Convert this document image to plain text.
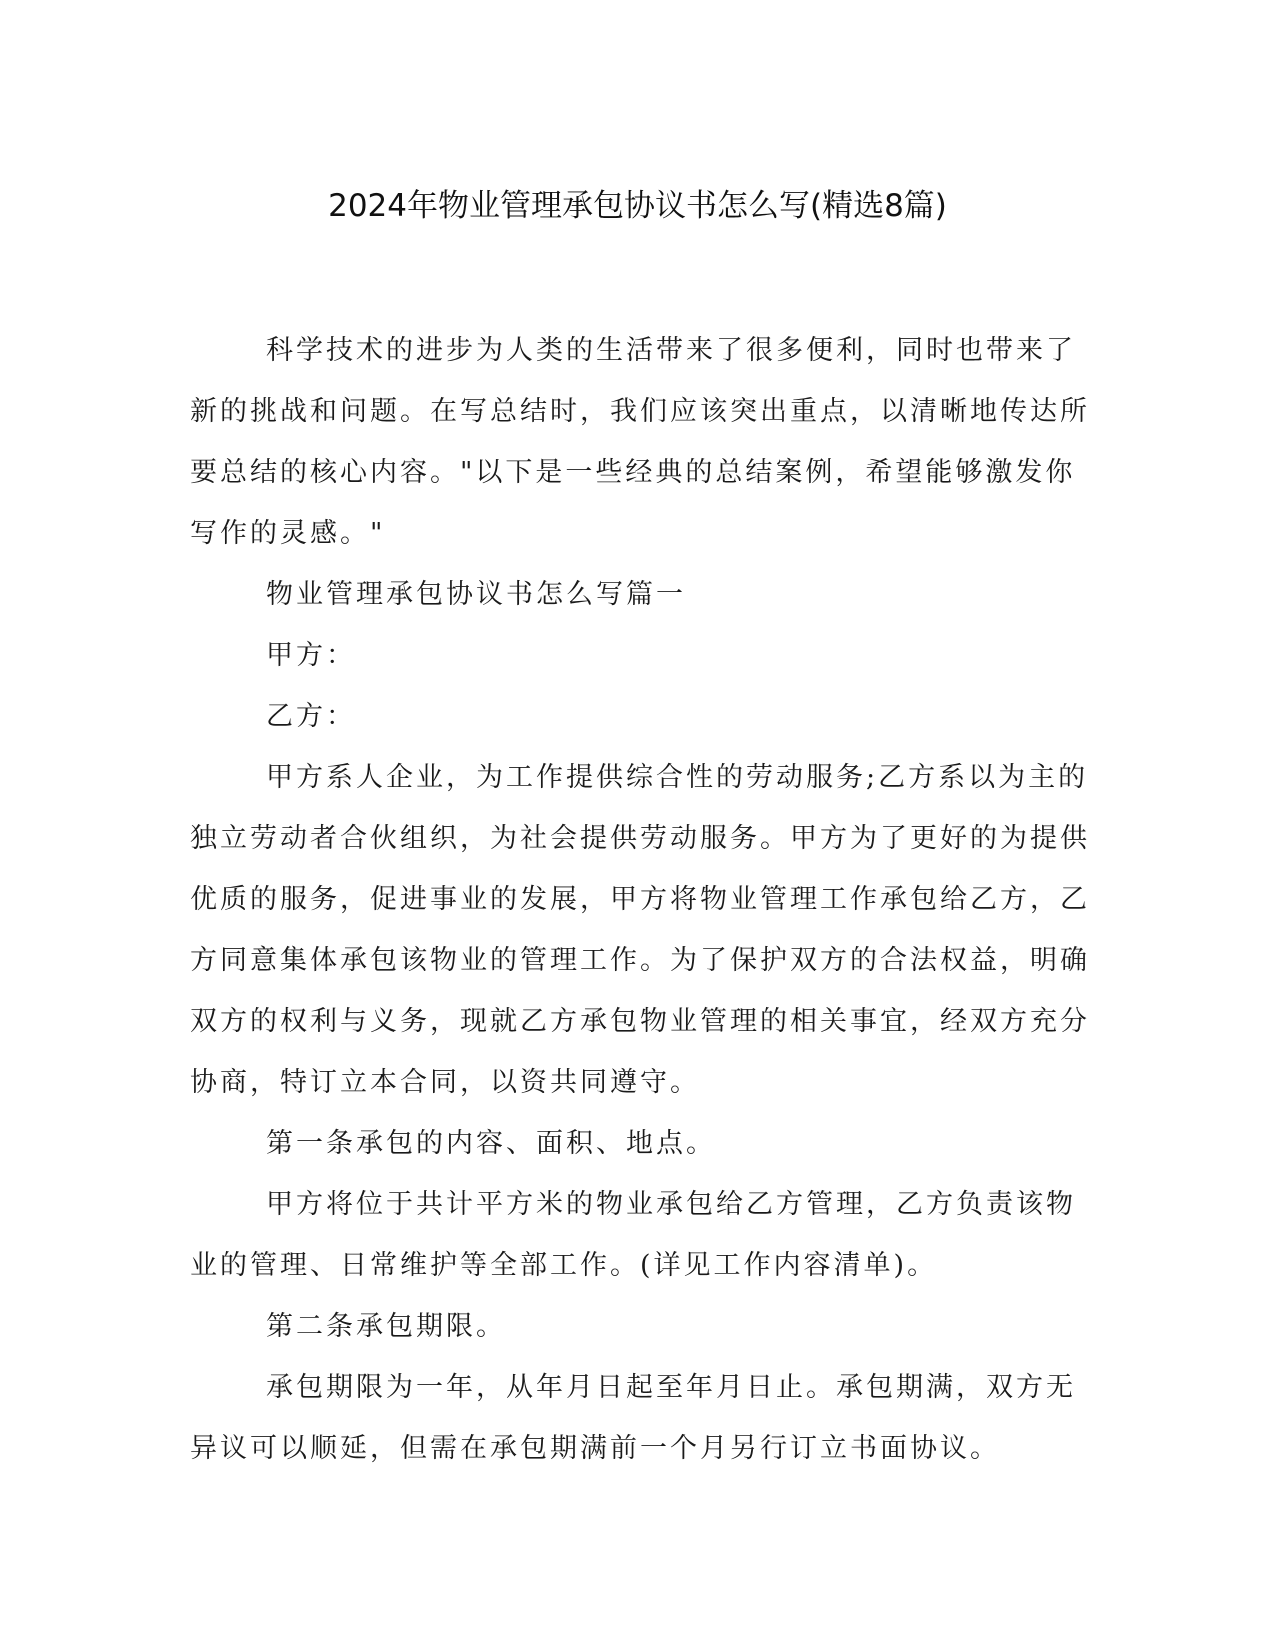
2024年物业管理承包协议书怎么写(精选8篇)

科学技术的进步为人类的生活带来了很多便利，同时也带来了新的挑战和问题。在写总结时，我们应该突出重点，以清晰地传达所要总结的核心内容。"以下是一些经典的总结案例，希望能够激发你写作的灵感。"

物业管理承包协议书怎么写篇一

甲方：

乙方：

甲方系人企业，为工作提供综合性的劳动服务;乙方系以为主的独立劳动者合伙组织，为社会提供劳动服务。甲方为了更好的为提供优质的服务，促进事业的发展，甲方将物业管理工作承包给乙方，乙方同意集体承包该物业的管理工作。为了保护双方的合法权益，明确双方的权利与义务，现就乙方承包物业管理的相关事宜，经双方充分协商，特订立本合同，以资共同遵守。

第一条承包的内容、面积、地点。

甲方将位于共计平方米的物业承包给乙方管理，乙方负责该物业的管理、日常维护等全部工作。(详见工作内容清单)。

第二条承包期限。

承包期限为一年，从年月日起至年月日止。承包期满，双方无异议可以顺延，但需在承包期满前一个月另行订立书面协议。
